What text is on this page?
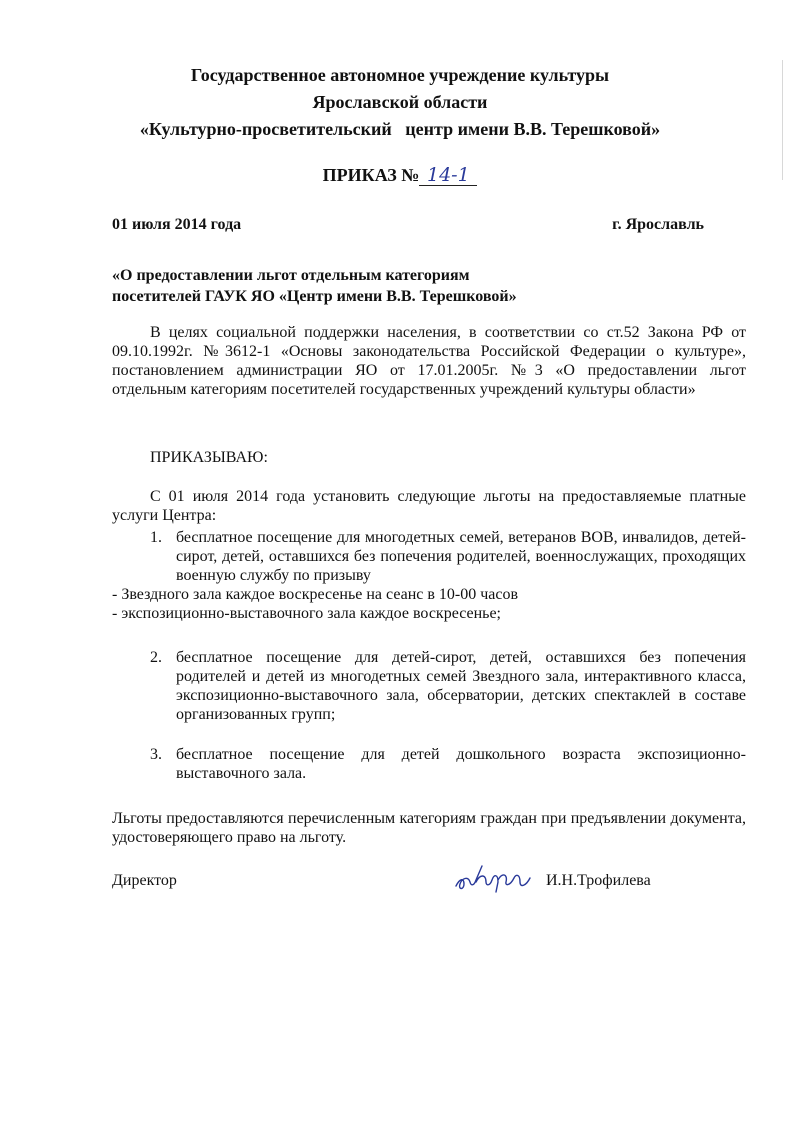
Государственное автономное учреждение культуры
Ярославской области
«Культурно-просветительский   центр имени В.В. Терешковой»
ПРИКАЗ № 14-1
01 июля 2014 года	г. Ярославль
«О предоставлении льгот отдельным категориям
посетителей ГАУК ЯО «Центр имени В.В. Терешковой»
В целях социальной поддержки населения, в соответствии со ст.52 Закона РФ от 09.10.1992г. №3612-1 «Основы законодательства Российской Федерации о культуре», постановлением администрации ЯО от 17.01.2005г. №3 «О предоставлении льгот отдельным категориям посетителей государственных учреждений культуры области»
ПРИКАЗЫВАЮ:
С 01 июля 2014 года установить следующие льготы на предоставляемые платные услуги Центра:
1. бесплатное посещение для многодетных семей, ветеранов ВОВ, инвалидов, детей-сирот, детей, оставшихся без попечения родителей, военнослужащих, проходящих военную службу по призыву
- Звездного зала каждое воскресенье на сеанс в 10-00 часов
- экспозиционно-выставочного зала каждое воскресенье;
2. бесплатное посещение для детей-сирот, детей, оставшихся без попечения родителей и детей из многодетных семей Звездного зала, интерактивного класса, экспозиционно-выставочного зала, обсерватории, детских спектаклей в составе организованных групп;
3. бесплатное посещение для детей дошкольного возраста экспозиционно-выставочного зала.
Льготы предоставляются перечисленным категориям граждан при предъявлении документа, удостоверяющего право на льготу.
Директор	И.Н.Трофилева
